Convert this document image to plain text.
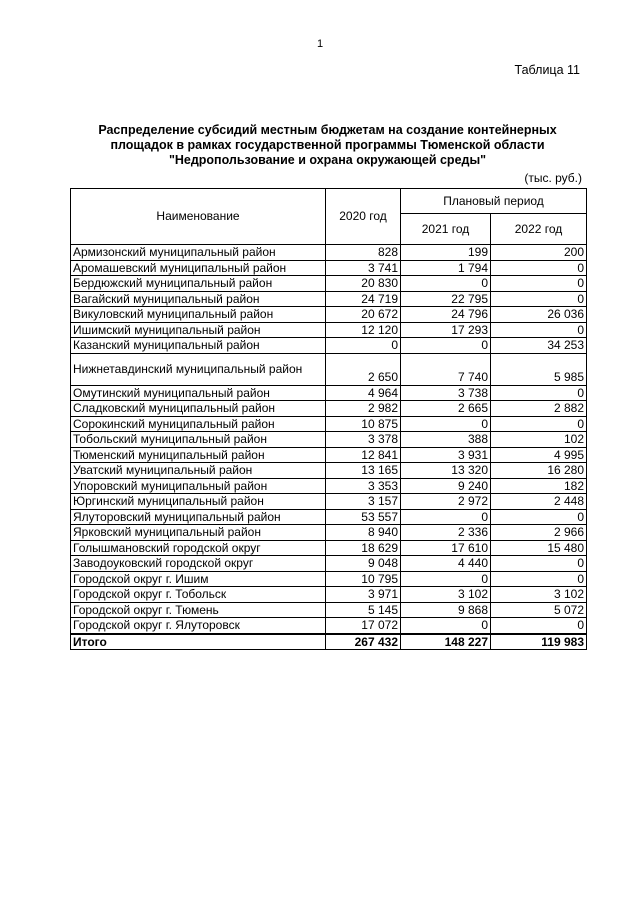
1
Таблица 11
Распределение субсидий местным бюджетам на создание контейнерных
площадок в рамках государственной программы Тюменской области
"Недропользование и охрана окружающей среды"
(тыс. руб.)
Наименование	2020 год	Плановый период	
		2021 год	2022 год
Армизонский муниципальный район	828	199	200
Аромашевский муниципальный район	3 741	1 794	0
Бердюжский муниципальный район	20 830	0	0
Вагайский муниципальный район	24 719	22 795	0
Викуловский муниципальный район	20 672	24 796	26 036
Ишимский муниципальный район	12 120	17 293	0
Казанский муниципальный район	0	0	34 253
Нижнетавдинский муниципальный район	2 650	7 740	5 985
Омутинский муниципальный район	4 964	3 738	0
Сладковский муниципальный район	2 982	2 665	2 882
Сорокинский муниципальный район	10 875	0	0
Тобольский муниципальный район	3 378	388	102
Тюменский муниципальный район	12 841	3 931	4 995
Уватский муниципальный район	13 165	13 320	16 280
Упоровский муниципальный район	3 353	9 240	182
Юргинский муниципальный район	3 157	2 972	2 448
Ялуторовский муниципальный район	53 557	0	0
Ярковский муниципальный район	8 940	2 336	2 966
Голышмановский городской округ	18 629	17 610	15 480
Заводоуковский городской округ	9 048	4 440	0
Городской округ г. Ишим	10 795	0	0
Городской округ г. Тобольск	3 971	3 102	3 102
Городской округ г. Тюмень	5 145	9 868	5 072
Городской округ г. Ялуторовск	17 072	0	0
Итого	267 432	148 227	119 983
